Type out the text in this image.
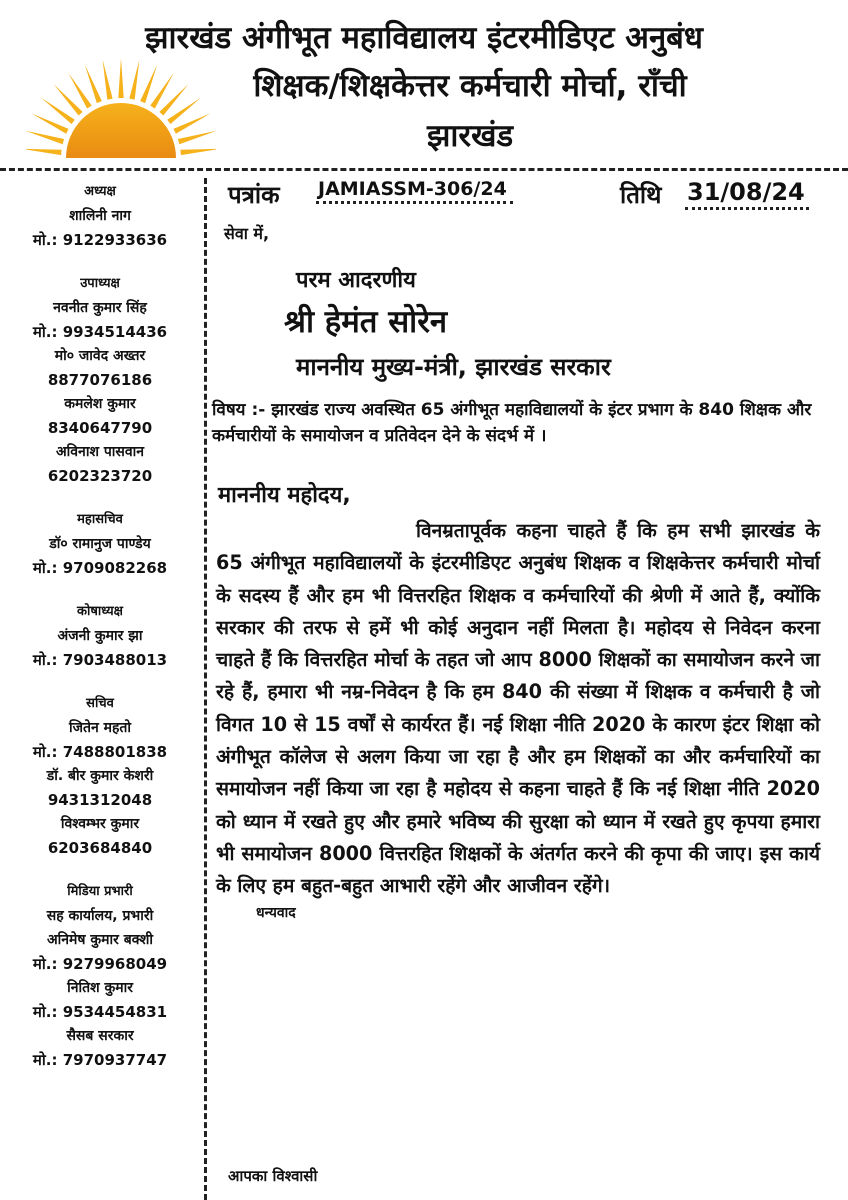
झारखंड अंगीभूत महाविद्यालय इंटरमीडिएट अनुबंध
शिक्षक/शिक्षकेत्तर कर्मचारी मोर्चा, राँची
झारखंड
अध्यक्ष
शालिनी नाग
मो.: 9122933636
उपाध्यक्ष
नवनीत कुमार सिंह
मो.: 9934514436
मो० जावेद अख्तर
8877076186
कमलेश कुमार
8340647790
अविनाश पासवान
6202323720
महासचिव
डॉ० रामानुज पाण्डेय
मो.: 9709082268
कोषाध्यक्ष
अंजनी कुमार झा
मो.: 7903488013
सचिव
जितेन महतो
मो.: 7488801838
डॉ. बीर कुमार केशरी
9431312048
विश्वम्भर कुमार
6203684840
मिडिया प्रभारी
सह कार्यालय, प्रभारी
अनिमेष कुमार बक्शी
मो.: 9279968049
नितिश कुमार
मो.: 9534454831
सैसब सरकार
मो.: 7970937747
पत्रांक JAMIASSM-306/24	तिथि 31/08/24
सेवा में,
परम आदरणीय
श्री हेमंत सोरेन
माननीय मुख्य-मंत्री, झारखंड सरकार
विषय :- झारखंड राज्य अवस्थित 65 अंगीभूत महाविद्यालयों के इंटर प्रभाग के 840 शिक्षक और कर्मचारीयों के समायोजन व प्रतिवेदन देने के संदर्भ में ।
माननीय महोदय,

विनम्रतापूर्वक कहना चाहते हैं कि हम सभी झारखंड के 65 अंगीभूत महाविद्यालयों के इंटरमीडिएट अनुबंध शिक्षक व शिक्षकेत्तर कर्मचारी मोर्चा के सदस्य हैं और हम भी वित्तरहित शिक्षक व कर्मचारियों की श्रेणी में आते हैं, क्योंकि सरकार की तरफ से हमें भी कोई अनुदान नहीं मिलता है। महोदय से निवेदन करना चाहते हैं कि वित्तरहित मोर्चा के तहत जो आप 8000 शिक्षकों का समायोजन करने जा रहे हैं, हमारा भी नम्र-निवेदन है कि हम 840 की संख्या में शिक्षक व कर्मचारी है जो विगत 10 से 15 वर्षों से कार्यरत हैं। नई शिक्षा नीति 2020 के कारण इंटर शिक्षा को अंगीभूत कॉलेज से अलग किया जा रहा है और हम शिक्षकों का और कर्मचारियों का समायोजन नहीं किया जा रहा है महोदय से कहना चाहते हैं कि नई शिक्षा नीति 2020 को ध्यान में रखते हुए और हमारे भविष्य की सुरक्षा को ध्यान में रखते हुए कृपया हमारा भी समायोजन 8000 वित्तरहित शिक्षकों के अंतर्गत करने की कृपा की जाए। इस कार्य के लिए हम बहुत-बहुत आभारी रहेंगे और आजीवन रहेंगे।

धन्यवाद
आपका विश्वासी
